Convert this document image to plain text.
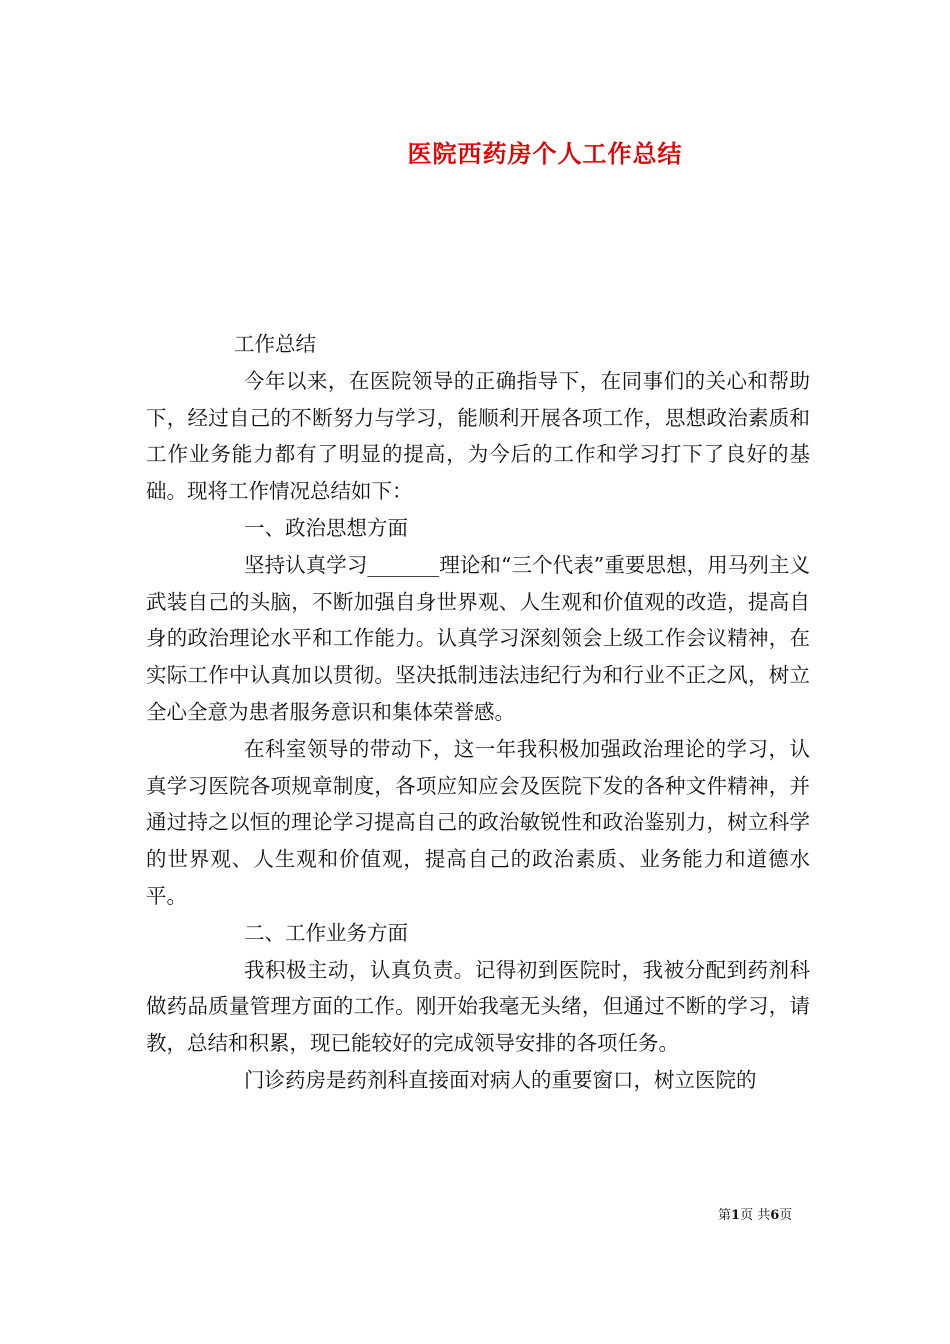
医院西药房个人工作总结

工作总结

今年以来，在医院领导的正确指导下，在同事们的关心和帮助下，经过自己的不断努力与学习，能顺利开展各项工作，思想政治素质和工作业务能力都有了明显的提高，为今后的工作和学习打下了良好的基础。现将工作情况总结如下：

一、政治思想方面

坚持认真学习_______理论和“三个代表”重要思想，用马列主义武装自己的头脑，不断加强自身世界观、人生观和价值观的改造，提高自身的政治理论水平和工作能力。认真学习深刻领会上级工作会议精神，在实际工作中认真加以贯彻。坚决抵制违法违纪行为和行业不正之风，树立全心全意为患者服务意识和集体荣誉感。

在科室领导的带动下，这一年我积极加强政治理论的学习，认真学习医院各项规章制度，各项应知应会及医院下发的各种文件精神，并通过持之以恒的理论学习提高自己的政治敏锐性和政治鉴别力，树立科学的世界观、人生观和价值观，提高自己的政治素质、业务能力和道德水平。

二、工作业务方面

我积极主动，认真负责。记得初到医院时，我被分配到药剂科做药品质量管理方面的工作。刚开始我毫无头绪，但通过不断的学习，请教，总结和积累，现已能较好的完成领导安排的各项任务。

门诊药房是药剂科直接面对病人的重要窗口，树立医院的

第1页 共6页
